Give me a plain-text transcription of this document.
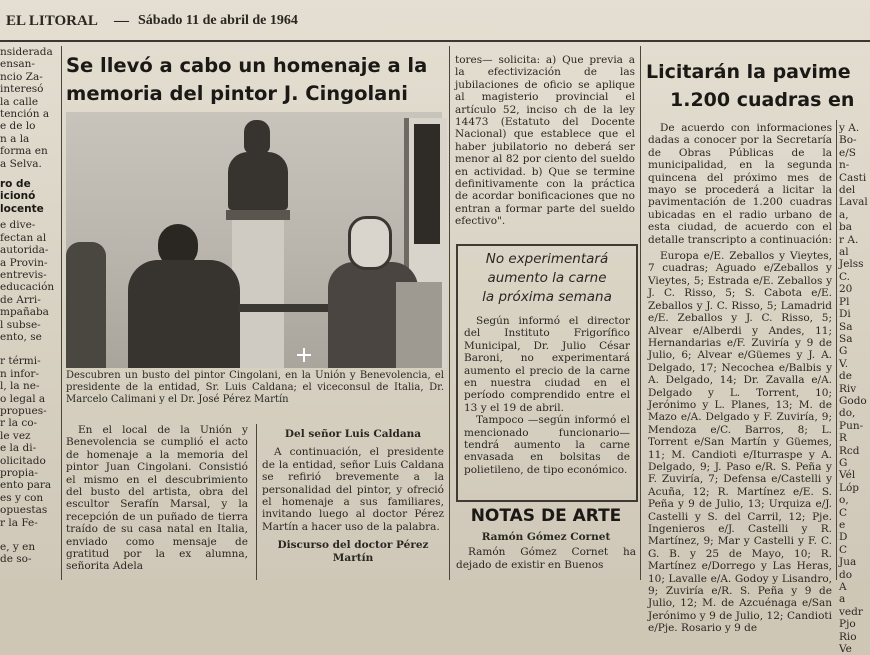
EL LITORAL — Sábado 11 de abril de 1964
nsiderada
ensan-
ncio Za-
interesó
la calle
tención a
e de lo
n a la
forma en
a Selva.
ro de
icionó
locente
e dive-
fectan al
autorida-
a Provin-
entrevis-
educación
de Arri-
mpañaba
l subse-
ento, se
r térmi-
n infor-
l, la ne-
o legal a
propues-
r la co-
le vez
e la di-
olicitado
propia-
ento para
es y con
opuestas
r la Fe-
e, y en
de so-
Se llevó a cabo un homenaje a la
memoria del pintor J. Cingolani
Descubren un busto del pintor Cingolani, en la Unión y Benevolencia, el presidente de la entidad, Sr. Luis Caldana; el viceconsul de Italia, Dr. Marcelo Calimani y el Dr. José Pérez Martín

En el local de la Unión y Benevolencia se cumplió el acto de homenaje a la memoria del pintor Juan Cingolani. Consistió el mismo en el descubrimiento del busto del artista, obra del escultor Serafín Marsal, y la recepción de un puñado de tierra traído de su casa natal en Italia, enviado como mensaje de gratitud por la ex alumna, señorita Adela

Del señor Luis Caldana

A continuación, el presidente de la entidad, señor Luis Caldana se refirió brevemente a la personalidad del pintor, y ofreció el homenaje a sus familiares, invitando luego al doctor Pérez Martín a hacer uso de la palabra.

Discurso del doctor Pérez Martín

tores— solicita: a) Que previa a la efectivización de las jubilaciones de oficio se aplique al magisterio provincial el artículo 52, inciso ch de la ley 14473 (Estatuto del Docente Nacional) que establece que el haber jubilatorio no deberá ser menor al 82 por ciento del sueldo en actividad. b) Que se termine definitivamente con la práctica de acordar bonificaciones que no entran a formar parte del sueldo efectivo".

No experimentará
aumento la carne
la próxima semana

Según informó el director del Instituto Frigorífico Municipal, Dr. Julio César Baroni, no experimentará aumento el precio de la carne en nuestra ciudad en el período comprendido entre el 13 y el 19 de abril.

Tampoco —según informó el mencionado funcionario— tendrá aumento la carne envasada en bolsitas de polietileno, de tipo económico.

NOTAS DE ARTE
Ramón Gómez Cornet

Ramón Gómez Cornet ha dejado de existir en Buenos

Licitarán la pavime
1.200 cuadras en

De acuerdo con informaciones dadas a conocer por la Secretaría de Obras Públicas de la municipalidad, en la segunda quincena del próximo mes de mayo se procederá a licitar la pavimentación de 1.200 cuadras ubicadas en el radio urbano de esta ciudad, de acuerdo con el detalle transcripto a continuación:

Europa e/E. Zeballos y Vieytes, 7 cuadras; Aguado e/Zeballos y Vieytes, 5; Estrada e/E. Zeballos y J. C. Risso, 5; S. Cabota e/E. Zeballos y J. C. Risso, 5; Lamadrid e/E. Zeballos y J. C. Risso, 5; Alvear e/Alberdi y Andes, 11; Hernandarias e/F. Zuviría y 9 de Julio, 6; Alvear e/Güemes y J. A. Delgado, 17; Necochea e/Balbis y A. Delgado, 14; Dr. Zavalla e/A. Delgado y L. Torrent, 10; Jerónimo y L. Planes, 13; M. de Mazo e/A. Delgado y F. Zuviría, 9; Mendoza e/C. Barros, 8; L. Torrent e/San Martín y Güemes, 11; M. Candioti e/Iturraspe y A. Delgado, 9; J. Paso e/R. S. Peña y F. Zuviría, 7; Defensa e/Castelli y Acuña, 12; R. Martínez e/E. S. Peña y 9 de Julio, 13; Urquiza e/J. Castelli y S. del Carril, 12; Pje. Ingenieros e/J. Castelli y R. Martínez, 9; Mar y Castelli y F. C. G. B. y 25 de Mayo, 10; R. Martínez e/Dorrego y Las Heras, 10; Lavalle e/A. Godoy y Lisandro, 9; Zuviría e/R. S. Peña y 9 de Julio, 12; M. de Azcuénaga e/San Jerónimo y 9 de Julio, 12; Candioti e/Pje. Rosario y 9 de

y A.
Bo-
e/S
n-
Casti
del
Laval
a,
ba
r A.
al
Jelss
C.
20
Pl
Di
Sa
Sa
G
V.
de
Riv
Godo
do,
Pun-
R
Rcd
G
Vél
Lóp
o,
C
e
D
C
Jua
do
A
a
vedr
Pjo
Rio
Ve
